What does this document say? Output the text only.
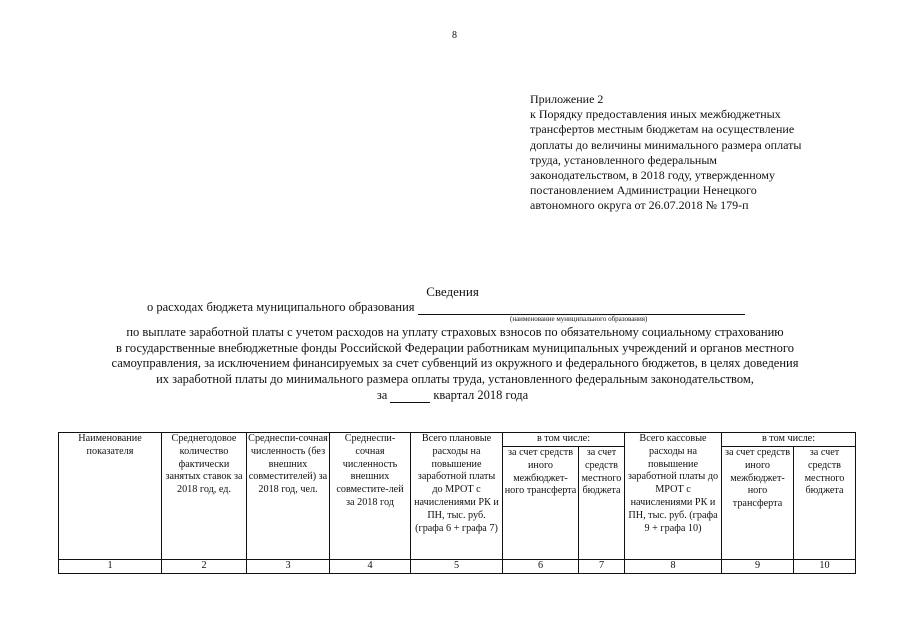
8
Приложение 2
к Порядку предоставления иных межбюджетных
трансфертов местным бюджетам на осуществление
доплаты до величины минимального размера оплаты
труда, установленного федеральным
законодательством, в 2018 году, утвержденному
постановлением Администрации Ненецкого
автономного округа от 26.07.2018 № 179-п
Сведения
о расходах бюджета муниципального образования
(наименование муниципального образования)
по выплате заработной платы с учетом расходов на уплату страховых взносов по обязательному социальному страхованию
в государственные внебюджетные фонды Российской Федерации работникам муниципальных учреждений и органов местного
самоуправления, за исключением финансируемых за счет субвенций из окружного и федерального бюджетов, в целях доведения
их заработной платы до минимального размера оплаты труда, установленного федеральным законодательством,
за	квартал 2018 года
Наименование показателя	Среднегодовое количество фактически занятых ставок за 2018 год, ед.	Среднеспи-сочная численность (без внешних совместителей) за 2018 год, чел.	Среднеспи-сочная численность внешних совместите-лей за 2018 год	Всего плановые расходы на повышение заработной платы до МРОТ с начислениями РК и ПН, тыс. руб. (графа 6 + графа 7)	в том числе:		Всего кассовые расходы на повышение заработной платы до МРОТ с начислениями РК и ПН, тыс. руб. (графа 9 + графа 10)	в том числе:	
					за счет средств иного межбюджет-ного трансферта	за счет средств местного бюджета		за счет средств иного межбюджет-ного трансферта	за счет средств местного бюджета
1	2	3	4	5	6	7	8	9	10
